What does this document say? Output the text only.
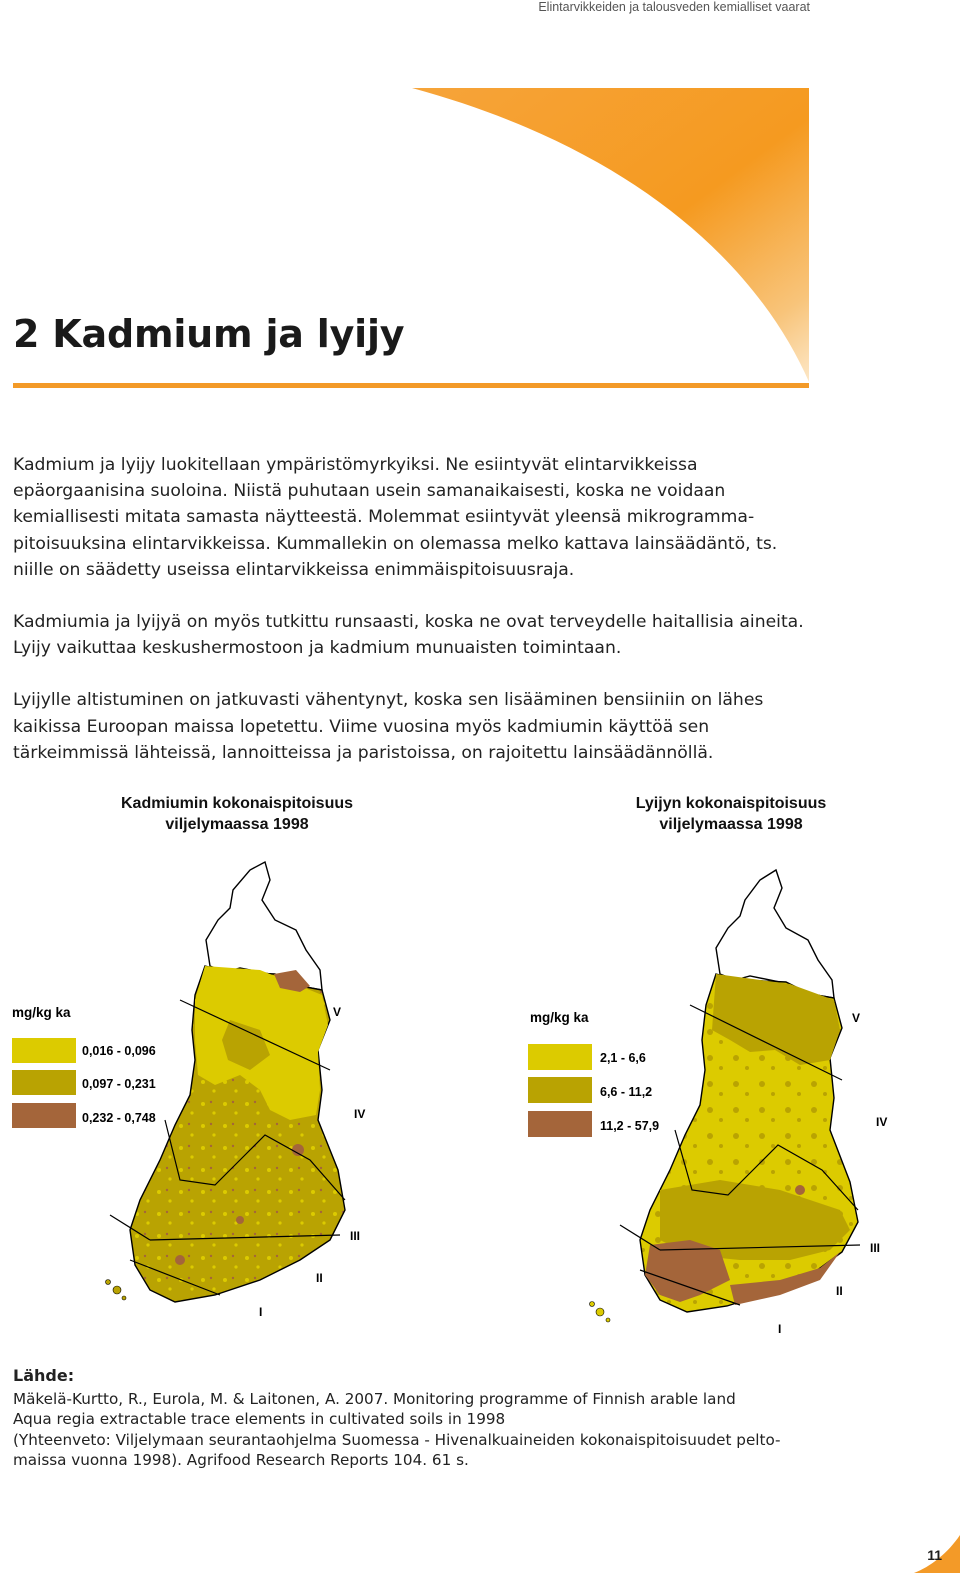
Elintarvikkeiden ja talousveden kemialliset vaarat
2 Kadmium ja lyijy

Kadmium ja lyijy luokitellaan ympäristömyrkyiksi. Ne esiintyvät elintarvikkeissa epäorgaanisina suoloina. Niistä puhutaan usein samanaikaisesti, koska ne voidaan kemiallisesti mitata samasta näytteestä. Molemmat esiintyvät yleensä mikrogramma-pitoisuuksina elintarvikkeissa. Kummallekin on olemassa melko kattava lainsäädäntö, ts. niille on säädetty useissa elintarvikkeissa enimmäispitoisuusraja.

Kadmiumia ja lyijyä on myös tutkittu runsaasti, koska ne ovat terveydelle haitallisia aineita. Lyijy vaikuttaa keskushermostoon ja kadmium munuaisten toimintaan.

Lyijylle altistuminen on jatkuvasti vähentynyt, koska sen lisääminen bensiiniin on lähes kaikissa Euroopan maissa lopetettu. Viime vuosina myös kadmiumin käyttöä sen tärkeimmissä lähteissä, lannoitteissa ja paristoissa, on rajoitettu lainsäädännöllä.

Kadmiumin kokonaispitoisuus
viljelymaassa 1998
V
IV
III
II
I
mg/kg ka
0,016 - 0,096
0,097 - 0,231
0,232 - 0,748
Lyijyn kokonaispitoisuus
viljelymaassa 1998
V
IV
III
II
I
mg/kg ka
2,1 - 6,6
6,6 - 11,2
11,2 - 57,9
Lähde:
Mäkelä-Kurtto, R., Eurola, M. & Laitonen, A. 2007. Monitoring programme of Finnish arable land
Aqua regia extractable trace elements in cultivated soils in 1998
(Yhteenveto: Viljelymaan seurantaohjelma Suomessa - Hivenalkuaineiden kokonaispitoisuudet pelto-
maissa vuonna 1998). Agrifood Research Reports 104. 61 s.
11
